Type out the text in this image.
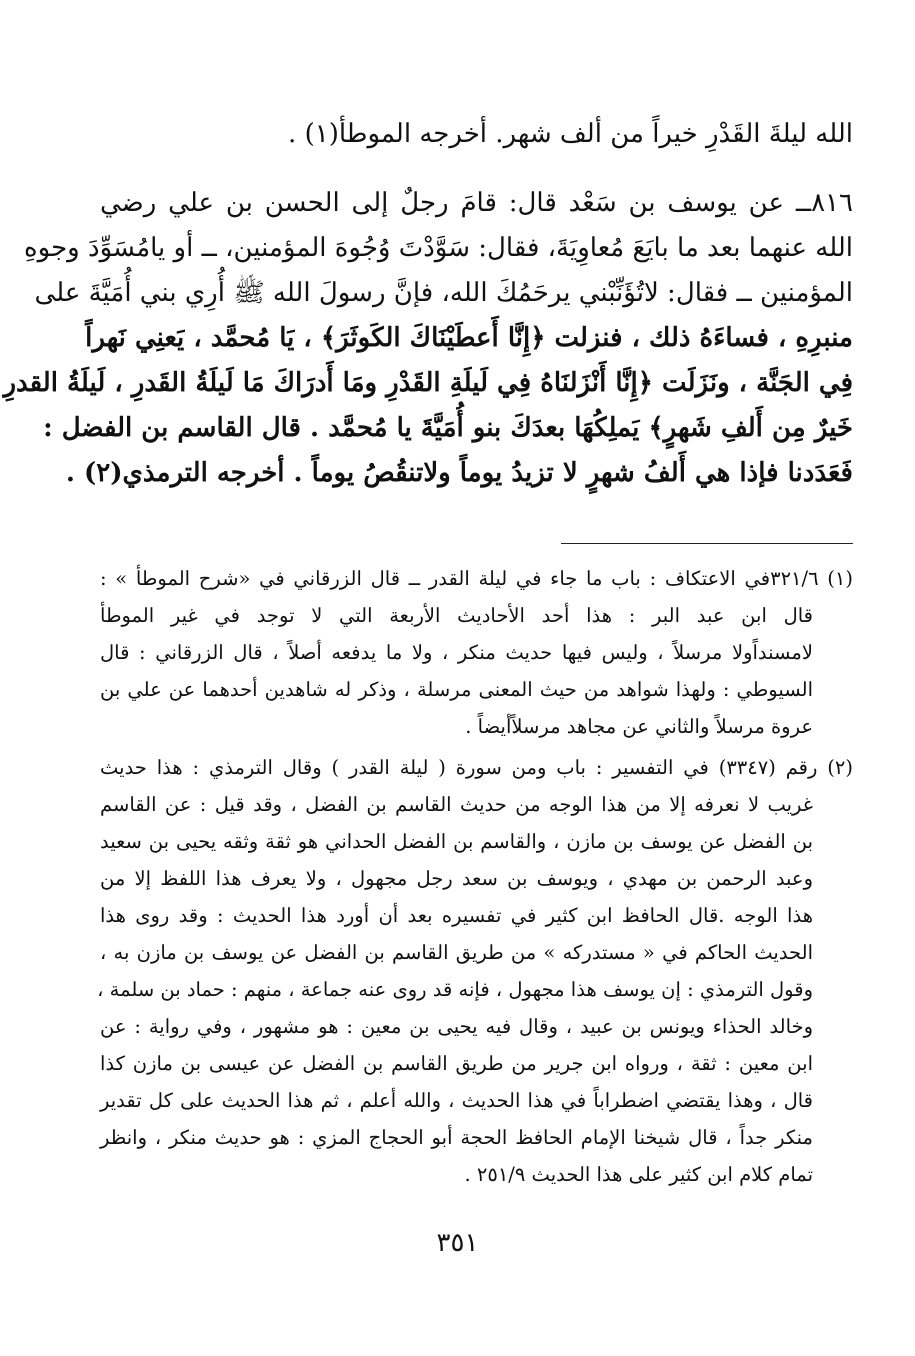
الله ليلةَ القَدْرِ خيراً من ألف شهر. أخرجه الموطأ(١) .
٨١٦ــ عن يوسف بن سَعْد قال: قامَ رجلٌ إلى الحسن بن علي رضي
الله عنهما بعد ما بايَعَ مُعاوِيَةَ، فقال: سَوَّدْتَ وُجُوهَ المؤمنين، ــ أو يامُسَوِّدَ وجوهِ
المؤمنين ــ فقال: لاتُؤَنِّبْني يرحَمُكَ الله، فإنَّ رسولَ الله ﷺ أُرِي بني أُمَيَّةَ على
منبرِهِ ، فساءَهُ ذلك ، فنزلت ﴿إِنَّا أَعطَيْنَاكَ الكَوثَرَ﴾ ، يَا مُحمَّد ، يَعنِي نَهراً
فِي الجَنَّة ، ونَزَلَت ﴿إِنَّا أَنْزَلنَاهُ فِي لَيلَةِ القَدْرِ ومَا أَدرَاكَ مَا لَيلَةُ القَدرِ ، لَيلَةُ القدرِ
خَيرٌ مِن أَلفِ شَهرٍ﴾ يَملِكُهَا بعدَكَ بنو أُمَيَّةَ يا مُحمَّد . قال القاسم بن الفضل :
فَعَدَدنا فإذا هي أَلفُ شهرٍ لا تزيدُ يوماً ولاتنقُصُ يوماً . أخرجه الترمذي(٢) .
(١) ٣٢١/٦في الاعتكاف : باب ما جاء في ليلة القدر ــ قال الزرقاني في «شرح الموطأ » :
قال ابن عبد البر : هذا أحد الأحاديث الأربعة التي لا توجد في غير الموطأ
لامسنداًولا مرسلاً ، وليس فيها حديث منكر ، ولا ما يدفعه أصلاً ، قال الزرقاني : قال
السيوطي : ولهذا شواهد من حيث المعنى مرسلة ، وذكر له شاهدين أحدهما عن علي بن
عروة مرسلاً والثاني عن مجاهد مرسلاًأيضاً .
(٢) رقم (٣٣٤٧) في التفسير : باب ومن سورة ( ليلة القدر ) وقال الترمذي : هذا حديث
غريب لا نعرفه إلا من هذا الوجه من حديث القاسم بن الفضل ، وقد قيل : عن القاسم
بن الفضل عن يوسف بن مازن ، والقاسم بن الفضل الحداني هو ثقة وثقه يحيى بن سعيد
وعبد الرحمن بن مهدي ، ويوسف بن سعد رجل مجهول ، ولا يعرف هذا اللفظ إلا من
هذا الوجه .قال الحافظ ابن كثير في تفسيره بعد أن أورد هذا الحديث : وقد روى هذا
الحديث الحاكم في « مستدركه » من طريق القاسم بن الفضل عن يوسف بن مازن به ،
وقول الترمذي : إن يوسف هذا مجهول ، فإنه قد روى عنه جماعة ، منهم : حماد بن سلمة ،
وخالد الحذاء ويونس بن عبيد ، وقال فيه يحيى بن معين : هو مشهور ، وفي رواية : عن
ابن معين : ثقة ، ورواه ابن جرير من طريق القاسم بن الفضل عن عيسى بن مازن كذا
قال ، وهذا يقتضي اضطراباً في هذا الحديث ، والله أعلم ، ثم هذا الحديث على كل تقدير
منكر جداً ، قال شيخنا الإمام الحافظ الحجة أبو الحجاج المزي : هو حديث منكر ، وانظر
تمام كلام ابن كثير على هذا الحديث ٢٥١/٩ .
٣٥١
